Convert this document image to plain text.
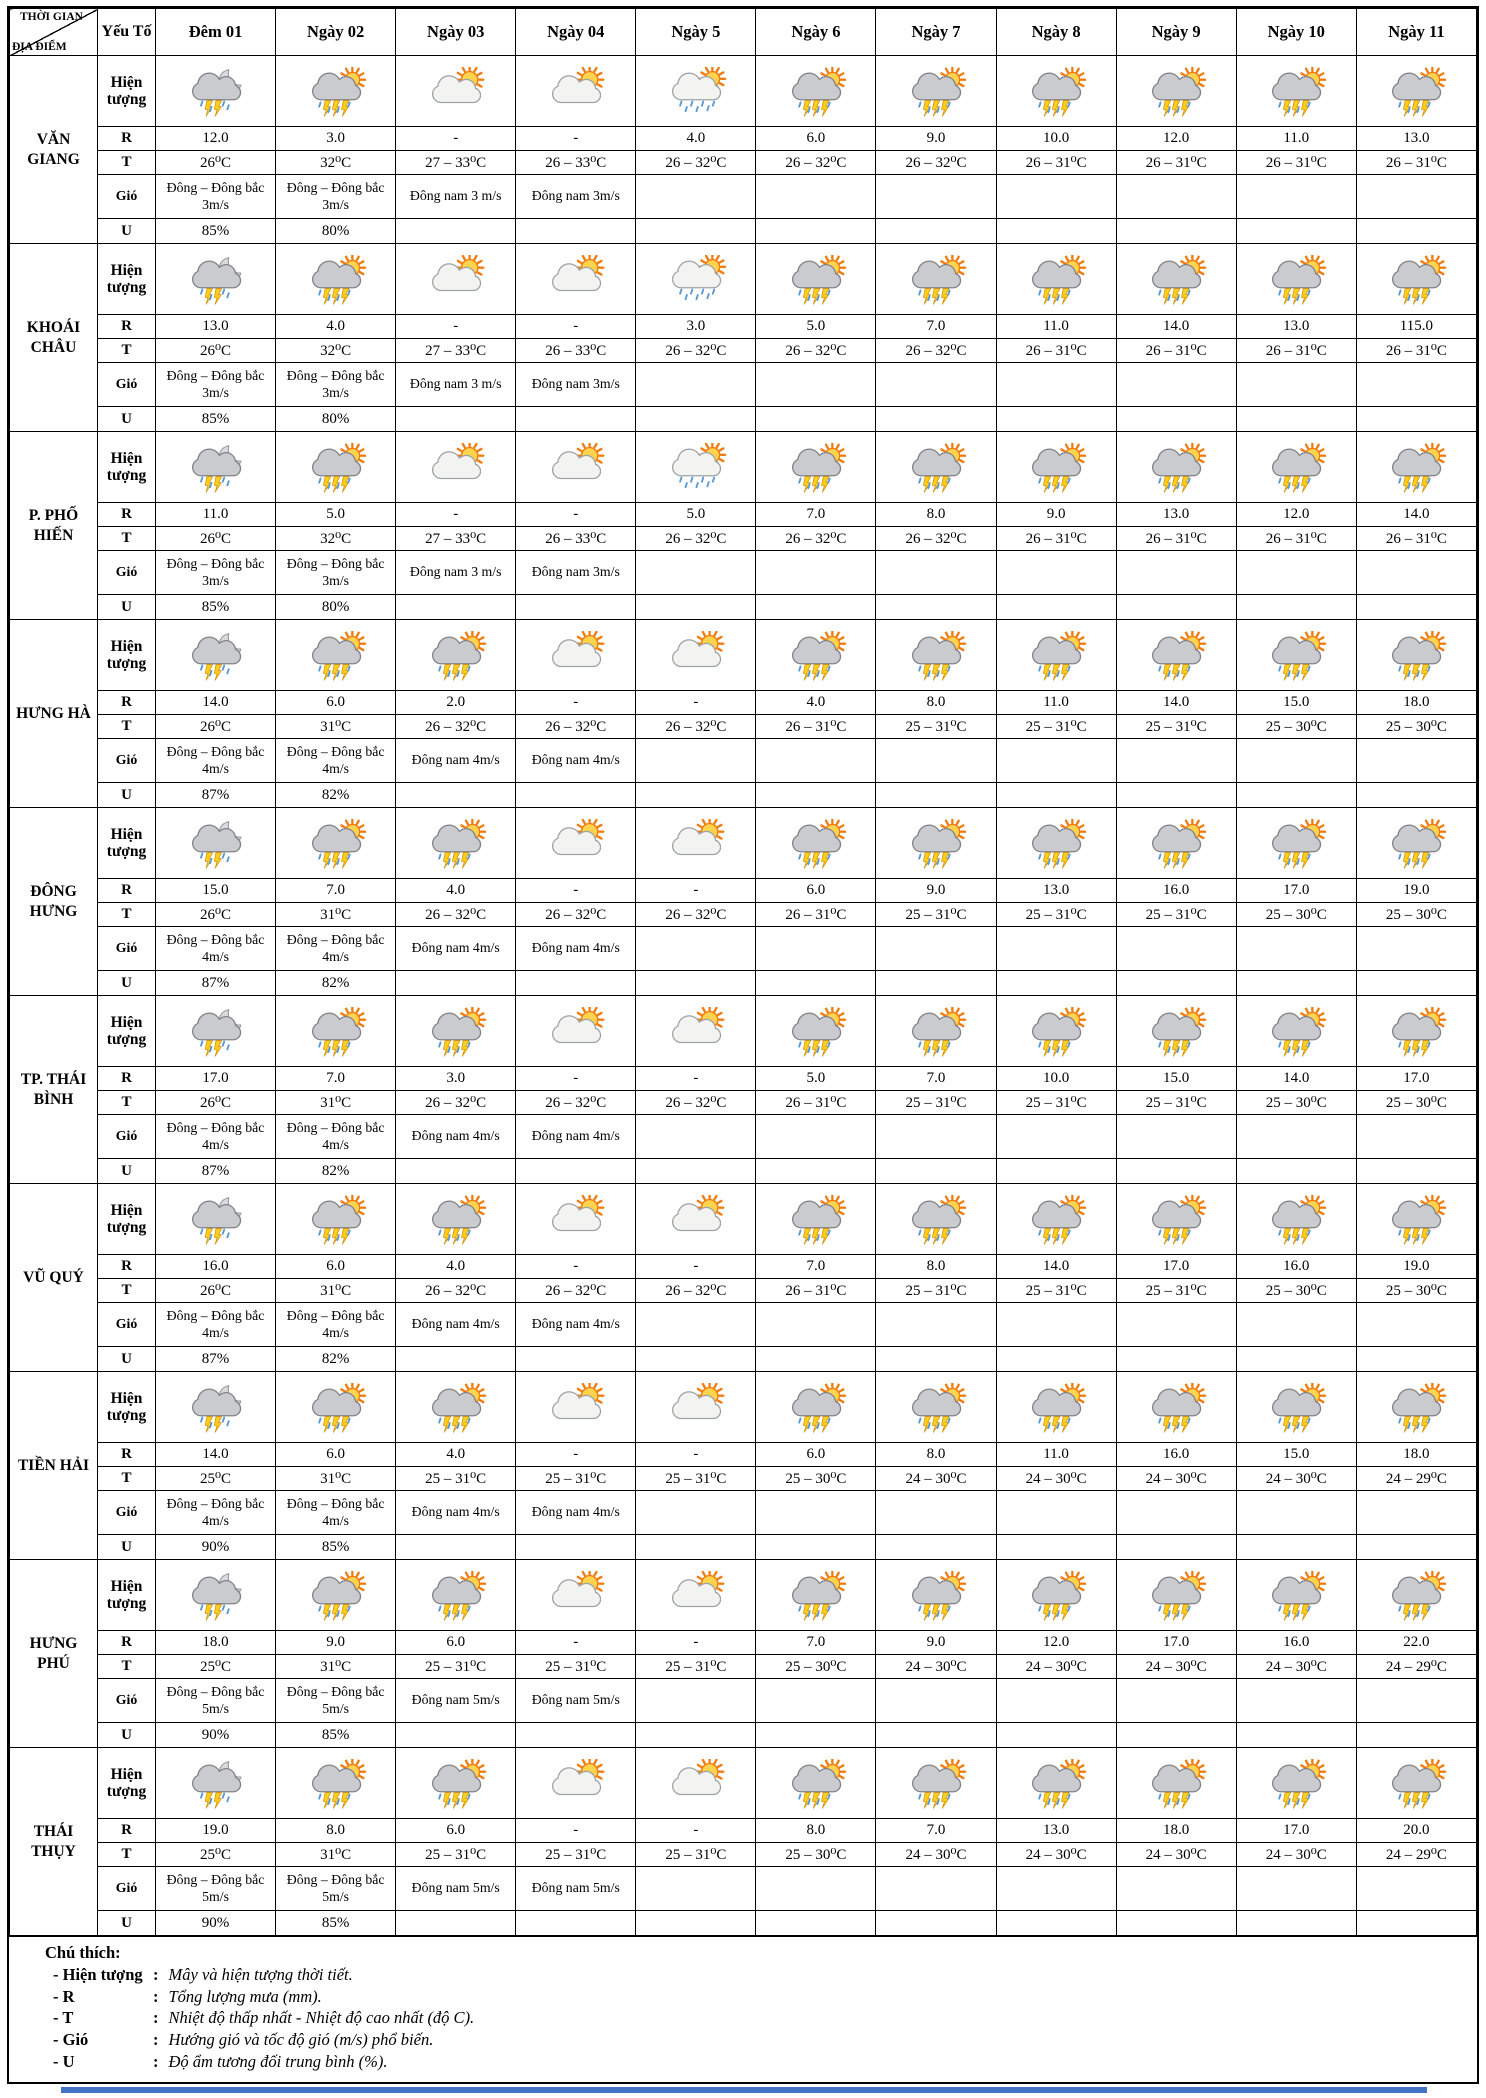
THỜI GIAN
ĐỊA ĐIỂM	Yếu Tố	Đêm 01	Ngày 02	Ngày 03	Ngày 04	Ngày 5	Ngày 6	Ngày 7	Ngày 8	Ngày 9	Ngày 10	Ngày 11
VĂN GIANG	Hiện tượng	

	R	12.0	3.0	-	-	4.0	6.0	9.0	10.0	12.0	11.0	13.0
	T	26⁰C	32⁰C	27 – 33⁰C	26 – 33⁰C	26 – 32⁰C	26 – 32⁰C	26 – 32⁰C	26 – 31⁰C	26 – 31⁰C	26 – 31⁰C	26 – 31⁰C
	Gió	Đông – Đông bắc 3m/s	Đông – Đông bắc 3m/s	Đông nam 3 m/s	Đông nam 3m/s							
	U	85%	80%									
KHOÁI CHÂU	Hiện tượng	

	R	13.0	4.0	-	-	3.0	5.0	7.0	11.0	14.0	13.0	115.0
	T	26⁰C	32⁰C	27 – 33⁰C	26 – 33⁰C	26 – 32⁰C	26 – 32⁰C	26 – 32⁰C	26 – 31⁰C	26 – 31⁰C	26 – 31⁰C	26 – 31⁰C
	Gió	Đông – Đông bắc 3m/s	Đông – Đông bắc 3m/s	Đông nam 3 m/s	Đông nam 3m/s							
	U	85%	80%									
P. PHỐ HIẾN	Hiện tượng	

	R	11.0	5.0	-	-	5.0	7.0	8.0	9.0	13.0	12.0	14.0
	T	26⁰C	32⁰C	27 – 33⁰C	26 – 33⁰C	26 – 32⁰C	26 – 32⁰C	26 – 32⁰C	26 – 31⁰C	26 – 31⁰C	26 – 31⁰C	26 – 31⁰C
	Gió	Đông – Đông bắc 3m/s	Đông – Đông bắc 3m/s	Đông nam 3 m/s	Đông nam 3m/s							
	U	85%	80%									
HƯNG HÀ	Hiện tượng	

	R	14.0	6.0	2.0	-	-	4.0	8.0	11.0	14.0	15.0	18.0
	T	26⁰C	31⁰C	26 – 32⁰C	26 – 32⁰C	26 – 32⁰C	26 – 31⁰C	25 – 31⁰C	25 – 31⁰C	25 – 31⁰C	25 – 30⁰C	25 – 30⁰C
	Gió	Đông – Đông bắc 4m/s	Đông – Đông bắc 4m/s	Đông nam 4m/s	Đông nam 4m/s							
	U	87%	82%									
ĐÔNG HƯNG	Hiện tượng	

	R	15.0	7.0	4.0	-	-	6.0	9.0	13.0	16.0	17.0	19.0
	T	26⁰C	31⁰C	26 – 32⁰C	26 – 32⁰C	26 – 32⁰C	26 – 31⁰C	25 – 31⁰C	25 – 31⁰C	25 – 31⁰C	25 – 30⁰C	25 – 30⁰C
	Gió	Đông – Đông bắc 4m/s	Đông – Đông bắc 4m/s	Đông nam 4m/s	Đông nam 4m/s							
	U	87%	82%									
TP. THÁI BÌNH	Hiện tượng	

	R	17.0	7.0	3.0	-	-	5.0	7.0	10.0	15.0	14.0	17.0
	T	26⁰C	31⁰C	26 – 32⁰C	26 – 32⁰C	26 – 32⁰C	26 – 31⁰C	25 – 31⁰C	25 – 31⁰C	25 – 31⁰C	25 – 30⁰C	25 – 30⁰C
	Gió	Đông – Đông bắc 4m/s	Đông – Đông bắc 4m/s	Đông nam 4m/s	Đông nam 4m/s							
	U	87%	82%									
VŨ QUÝ	Hiện tượng	

	R	16.0	6.0	4.0	-	-	7.0	8.0	14.0	17.0	16.0	19.0
	T	26⁰C	31⁰C	26 – 32⁰C	26 – 32⁰C	26 – 32⁰C	26 – 31⁰C	25 – 31⁰C	25 – 31⁰C	25 – 31⁰C	25 – 30⁰C	25 – 30⁰C
	Gió	Đông – Đông bắc 4m/s	Đông – Đông bắc 4m/s	Đông nam 4m/s	Đông nam 4m/s							
	U	87%	82%									
TIỀN HẢI	Hiện tượng	

	R	14.0	6.0	4.0	-	-	6.0	8.0	11.0	16.0	15.0	18.0
	T	25⁰C	31⁰C	25 – 31⁰C	25 – 31⁰C	25 – 31⁰C	25 – 30⁰C	24 – 30⁰C	24 – 30⁰C	24 – 30⁰C	24 – 30⁰C	24 – 29⁰C
	Gió	Đông – Đông bắc 4m/s	Đông – Đông bắc 4m/s	Đông nam 4m/s	Đông nam 4m/s							
	U	90%	85%									
HƯNG PHÚ	Hiện tượng	

	R	18.0	9.0	6.0	-	-	7.0	9.0	12.0	17.0	16.0	22.0
	T	25⁰C	31⁰C	25 – 31⁰C	25 – 31⁰C	25 – 31⁰C	25 – 30⁰C	24 – 30⁰C	24 – 30⁰C	24 – 30⁰C	24 – 30⁰C	24 – 29⁰C
	Gió	Đông – Đông bắc 5m/s	Đông – Đông bắc 5m/s	Đông nam 5m/s	Đông nam 5m/s							
	U	90%	85%									
THÁI THỤY	Hiện tượng	

	R	19.0	8.0	6.0	-	-	8.0	7.0	13.0	18.0	17.0	20.0
	T	25⁰C	31⁰C	25 – 31⁰C	25 – 31⁰C	25 – 31⁰C	25 – 30⁰C	24 – 30⁰C	24 – 30⁰C	24 – 30⁰C	24 – 30⁰C	24 – 29⁰C
	Gió	Đông – Đông bắc 5m/s	Đông – Đông bắc 5m/s	Đông nam 5m/s	Đông nam 5m/s							
	U	90%	85%									
Chú thích:
- Hiện tượng : Mây và hiện tượng thời tiết.
- R	: Tổng lượng mưa (mm).
- T	: Nhiệt độ thấp nhất - Nhiệt độ cao nhất (độ C).
- Gió	: Hướng gió và tốc độ gió (m/s) phổ biến.
- U	: Độ ẩm tương đối trung bình (%).
